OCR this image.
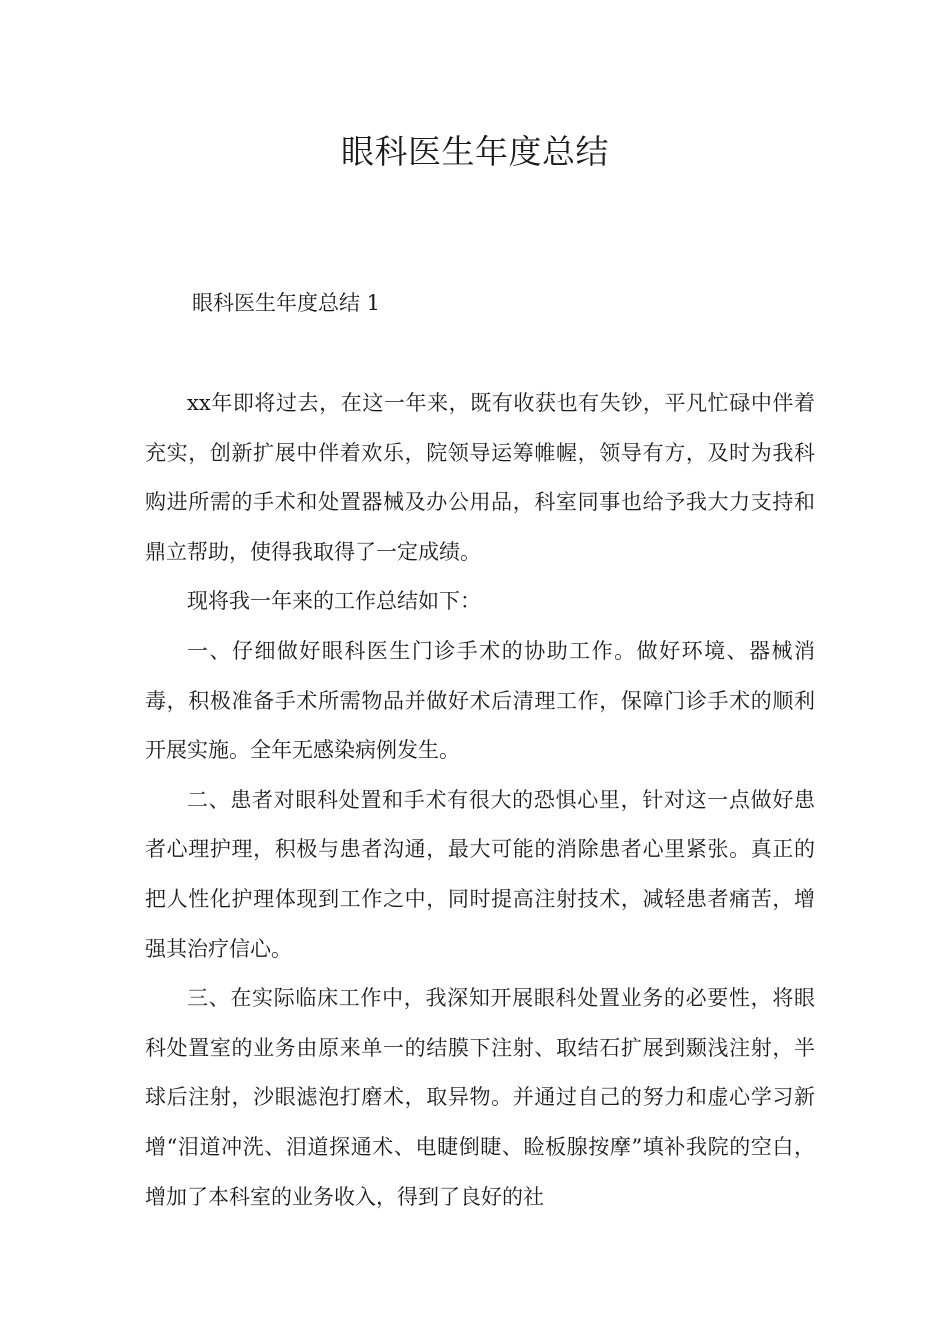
眼科医生年度总结
眼科医生年度总结 1

xx年即将过去，在这一年来，既有收获也有失钞，平凡忙碌中伴着充实，创新扩展中伴着欢乐，院领导运筹帷幄，领导有方，及时为我科购进所需的手术和处置器械及办公用品，科室同事也给予我大力支持和鼎立帮助，使得我取得了一定成绩。

现将我一年来的工作总结如下：

一、仔细做好眼科医生门诊手术的协助工作。做好环境、器械消毒，积极准备手术所需物品并做好术后清理工作，保障门诊手术的顺利开展实施。全年无感染病例发生。

二、患者对眼科处置和手术有很大的恐惧心里，针对这一点做好患者心理护理，积极与患者沟通，最大可能的消除患者心里紧张。真正的把人性化护理体现到工作之中，同时提高注射技术，减轻患者痛苦，增强其治疗信心。

三、在实际临床工作中，我深知开展眼科处置业务的必要性，将眼科处置室的业务由原来单一的结膜下注射、取结石扩展到颞浅注射，半球后注射，沙眼滤泡打磨术，取异物。并通过自己的努力和虚心学习新增“泪道冲洗、泪道探通术、电睫倒睫、睑板腺按摩”填补我院的空白，增加了本科室的业务收入，得到了良好的社
